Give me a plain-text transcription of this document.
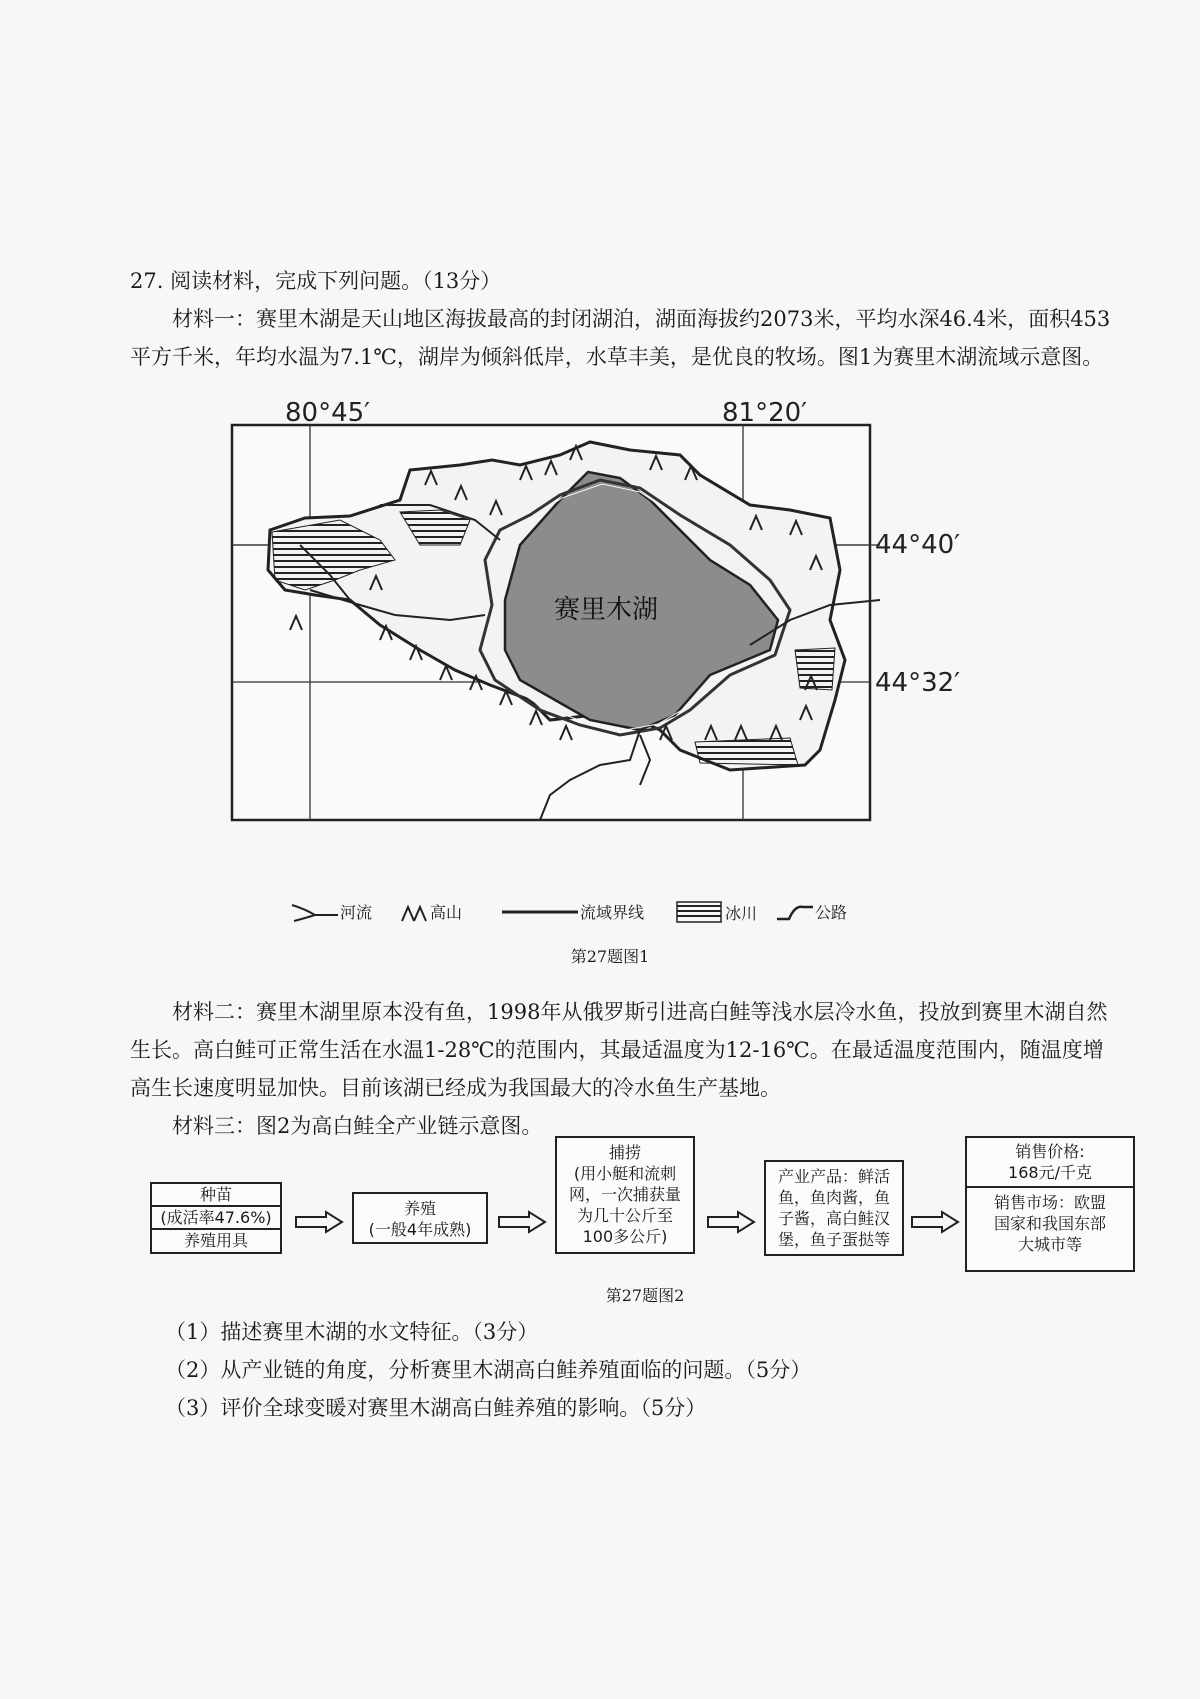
27. 阅读材料，完成下列问题。（13分）
材料一：赛里木湖是天山地区海拔最高的封闭湖泊，湖面海拔约2073米，平均水深46.4米，面积453平方千米，年均水温为7.1℃，湖岸为倾斜低岸，水草丰美，是优良的牧场。图1为赛里木湖流域示意图。
赛里木湖
80°45′	81°20′
44°40′
44°32′
河流	高山	流域界线	冰川	公路
第27题图1
材料二：赛里木湖里原本没有鱼，1998年从俄罗斯引进高白鲑等浅水层冷水鱼，投放到赛里木湖自然生长。高白鲑可正常生活在水温1-28℃的范围内，其最适温度为12-16℃。在最适温度范围内，随温度增高生长速度明显加快。目前该湖已经成为我国最大的冷水鱼生产基地。
材料三：图2为高白鲑全产业链示意图。
种苗
(成活率47.6%)
养殖用具
养殖
(一般4年成熟)
捕捞
(用小艇和流刺
网，一次捕获量
为几十公斤至
100多公斤)
产业产品：鲜活
鱼，鱼肉酱，鱼
子酱，高白鲑汉
堡，鱼子蛋挞等
销售价格:
168元/千克
销售市场：欧盟
国家和我国东部
大城市等
第27题图2
（1）描述赛里木湖的水文特征。（3分）
（2）从产业链的角度，分析赛里木湖高白鲑养殖面临的问题。（5分）
（3）评价全球变暖对赛里木湖高白鲑养殖的影响。（5分）
